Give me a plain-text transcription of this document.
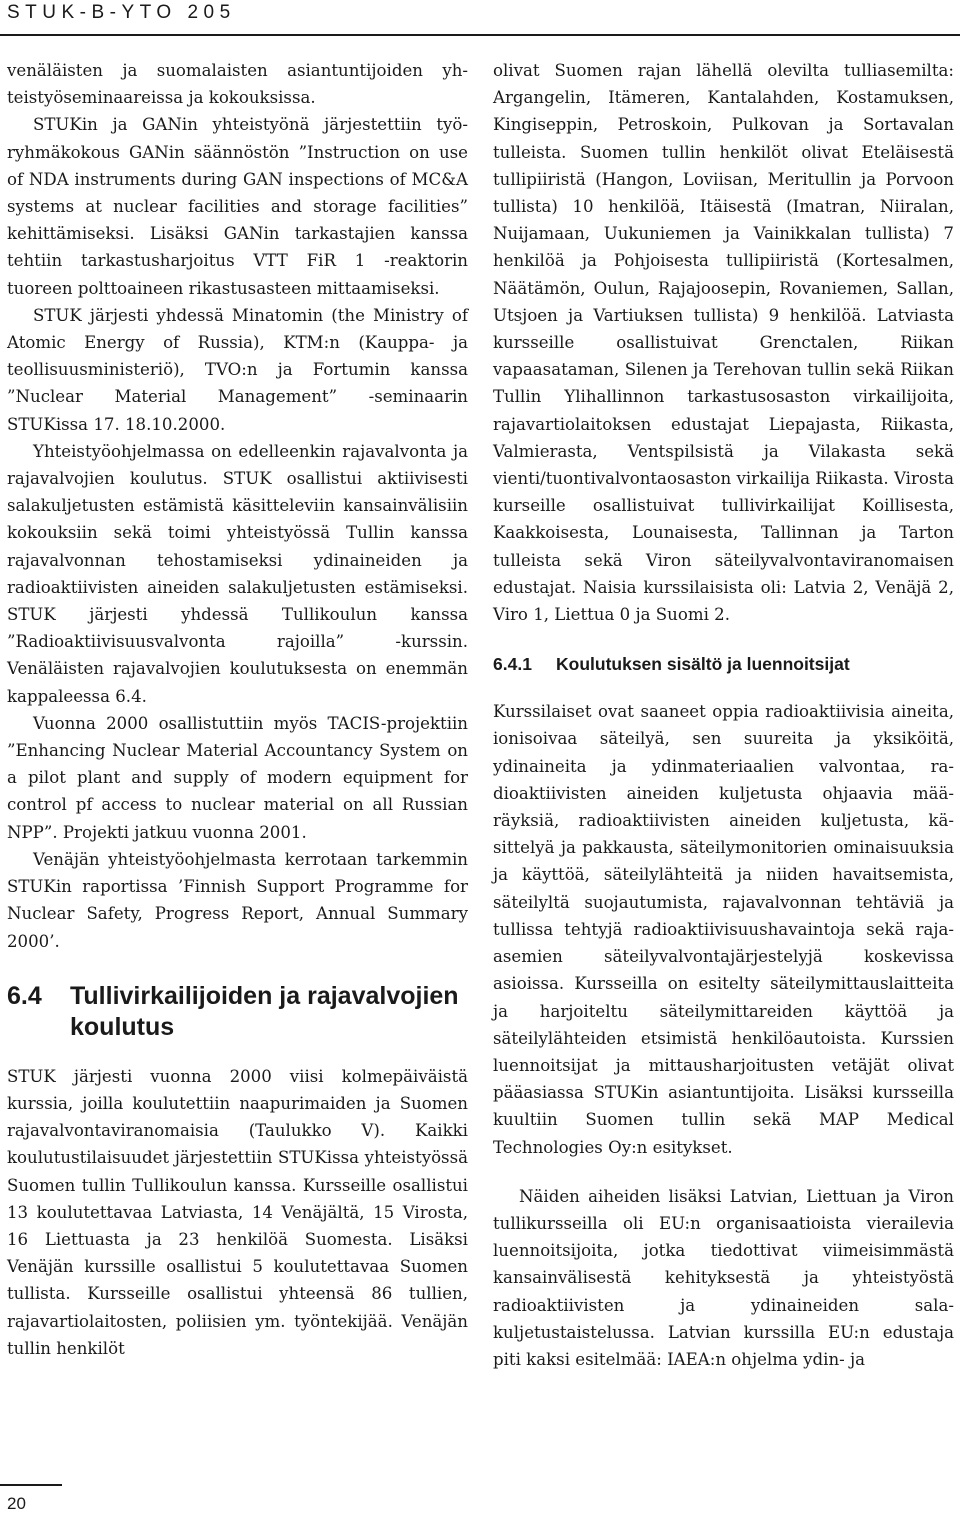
STUK-B-YTO 205

venäläisten ja suomalaisten asiantuntijoiden yhteistyöseminaareissa ja kokouksissa.

STUKin ja GANin yhteistyönä järjestettiin työryhmäkokous GANin säännöstön ”Instruction on use of NDA instruments during GAN inspections of MC&A systems at nuclear facilities and storage facilities” kehittämiseksi. Lisäksi GANin tarkastajien kanssa tehtiin tarkastusharjoitus VTT FiR 1 -reaktorin tuoreen polttoaineen rikastusasteen mittaamiseksi.

STUK järjesti yhdessä Minatomin (the Ministry of Atomic Energy of Russia), KTM:n (Kauppa- ja teollisuusministeriö), TVO:n ja Fortumin kanssa ”Nuclear Material Management” -seminaarin STUKissa 17. 18.10.2000.

Yhteistyöohjelmassa on edelleenkin rajavalvonta ja rajavalvojien koulutus. STUK osallistui aktiivisesti salakuljetusten estämistä käsitteleviin kansainvälisiin kokouksiin sekä toimi yhteistyössä Tullin kanssa rajavalvonnan tehostamiseksi ydinaineiden ja radioaktiivisten aineiden salakuljetusten estämiseksi. STUK järjesti yhdessä Tullikoulun kanssa ”Radioaktiivisuusvalvonta rajoilla” -kurssin. Venäläisten rajavalvojien koulutuksesta on enemmän kappaleessa 6.4.

Vuonna 2000 osallistuttiin myös TACIS-projektiin ”Enhancing Nuclear Material Accountancy System on a pilot plant and supply of modern equipment for control pf access to nuclear material on all Russian NPP”. Projekti jatkuu vuonna 2001.

Venäjän yhteistyöohjelmasta kerrotaan tarkemmin STUKin raportissa ’Finnish Support Programme for Nuclear Safety, Progress Report, Annual Summary 2000’.

6.4	Tullivirkailijoiden ja rajavalvojien koulutus

STUK järjesti vuonna 2000 viisi kolmepäiväistä kurssia, joilla koulutettiin naapurimaiden ja Suomen rajavalvontaviranomaisia (Taulukko V). Kaikki koulutustilaisuudet järjestettiin STUKissa yhteistyössä Suomen tullin Tullikoulun kanssa. Kursseille osallistui 13 koulutettavaa Latviasta, 14 Venäjältä, 15 Virosta, 16 Liettuasta ja 23 henkilöä Suomesta. Lisäksi Venäjän kurssille osallistui 5 koulutettavaa Suomen tullista. Kursseille osallistui yhteensä 86 tullien, rajavartiolaitosten, poliisien ym. työntekijää. Venäjän tullin henkilöt

olivat Suomen rajan lähellä olevilta tulliasemilta: Argangelin, Itämeren, Kantalahden, Kostamuksen, Kingiseppin, Petroskoin, Pulkovan ja Sortavalan tulleista. Suomen tullin henkilöt olivat Eteläisestä tullipiiristä (Hangon, Loviisan, Meritullin ja Porvoon tullista) 10 henkilöä, Itäisestä (Imatran, Niiralan, Nuijamaan, Uukuniemen ja Vainikkalan tullista) 7 henkilöä ja Pohjoisesta tullipiiristä (Kortesalmen, Näätämön, Oulun, Rajajoosepin, Rovaniemen, Sallan, Utsjoen ja Vartiuksen tullista) 9 henkilöä. Latviasta kursseille osallistuivat Grenctalen, Riikan vapaasataman, Silenen ja Terehovan tullin sekä Riikan Tullin Ylihallinnon tarkastusosaston virkailijoita, rajavartiolaitoksen edustajat Liepajasta, Riikasta, Valmierasta, Ventspilsistä ja Vilakasta sekä vienti/tuontivalvontaosaston virkailija Riikasta. Virosta kurseille osallistuivat tullivirkailijat Koillisesta, Kaakkoisesta, Lounaisesta, Tallinnan ja Tarton tulleista sekä Viron säteilyvalvontaviranomaisen edustajat. Naisia kurssilaisista oli: Latvia 2, Venäjä 2, Viro 1, Liettua 0 ja Suomi 2.

6.4.1	Koulutuksen sisältö ja luennoitsijat

Kurssilaiset ovat saaneet oppia radioaktiivisia aineita, ionisoivaa säteilyä, sen suureita ja yksiköitä, ydinaineita ja ydinmateriaalien valvontaa, radioaktiivisten aineiden kuljetusta ohjaavia määräyksiä, radioaktiivisten aineiden kuljetusta, käsittelyä ja pakkausta, säteilymonitorien ominaisuuksia ja käyttöä, säteilylähteitä ja niiden havaitsemista, säteilyltä suojautumista, rajavalvonnan tehtäviä ja tullissa tehtyjä radioaktiivisuushavaintoja sekä raja-asemien säteilyvalvontajärjestelyjä koskevissa asioissa. Kursseilla on esitelty säteilymittauslaitteita ja harjoiteltu säteilymittareiden käyttöä ja säteilylähteiden etsimistä henkilöautoista. Kurssien luennoitsijat ja mittausharjoitusten vetäjät olivat pääasiassa STUKin asiantuntijoita. Lisäksi kursseilla kuultiin Suomen tullin sekä MAP Medical Technologies Oy:n esitykset.

Näiden aiheiden lisäksi Latvian, Liettuan ja Viron tullikursseilla oli EU:n organisaatioista vierailevia luennoitsijoita, jotka tiedottivat viimeisimmästä kansainvälisestä kehityksestä ja yhteistyöstä radioaktiivisten ja ydinaineiden salakuljetustaistelussa. Latvian kurssilla EU:n edustaja piti kaksi esitelmää: IAEA:n ohjelma ydin- ja

20
